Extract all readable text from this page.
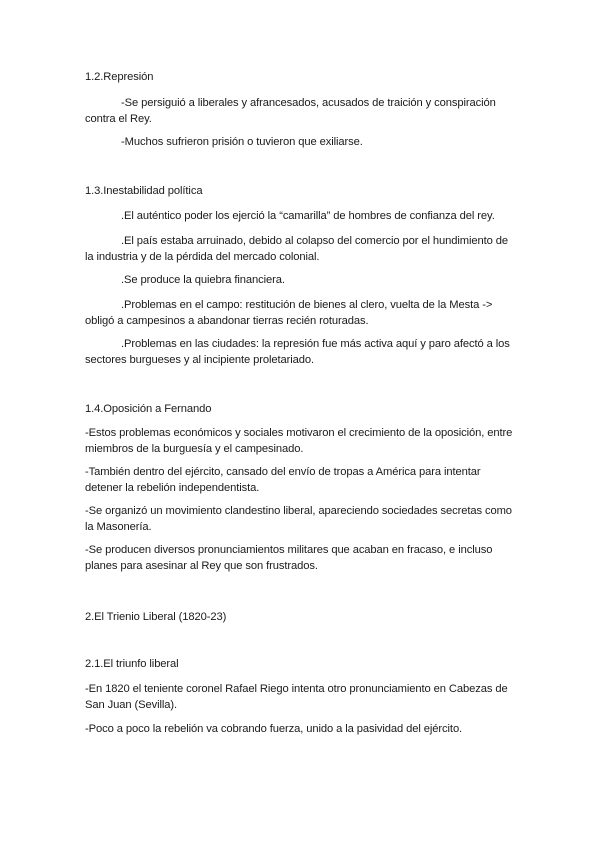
1.2.Represión
-Se persiguió a liberales y afrancesados, acusados de traición y conspiración contra el Rey.
-Muchos sufrieron prisión o tuvieron que exiliarse.
1.3.Inestabilidad política
.El auténtico poder los ejerció la “camarilla” de hombres de confianza del rey.
.El país estaba arruinado, debido al colapso del comercio por el hundimiento de la industria y de la pérdida del mercado colonial.
.Se produce la quiebra financiera.
.Problemas en el campo: restitución de bienes al clero, vuelta de la Mesta -> obligó a campesinos a abandonar tierras recién roturadas.
.Problemas en las ciudades: la represión fue más activa aquí y paro afectó a los sectores burgueses y al incipiente proletariado.
1.4.Oposición a Fernando
-Estos problemas económicos y sociales motivaron el crecimiento de la oposición, entre miembros de la burguesía y el campesinado.
-También dentro del ejército, cansado del envío de tropas a América para intentar detener la rebelión independentista.
-Se organizó un movimiento clandestino liberal, apareciendo sociedades secretas como la Masonería.
-Se producen diversos pronunciamientos militares que acaban en fracaso, e incluso planes para asesinar al Rey que son frustrados.
2.El Trienio Liberal (1820-23)
2.1.El triunfo liberal
-En 1820 el teniente coronel Rafael Riego intenta otro pronunciamiento en Cabezas de San Juan (Sevilla).
-Poco a poco la rebelión va cobrando fuerza, unido a la pasividad del ejército.
